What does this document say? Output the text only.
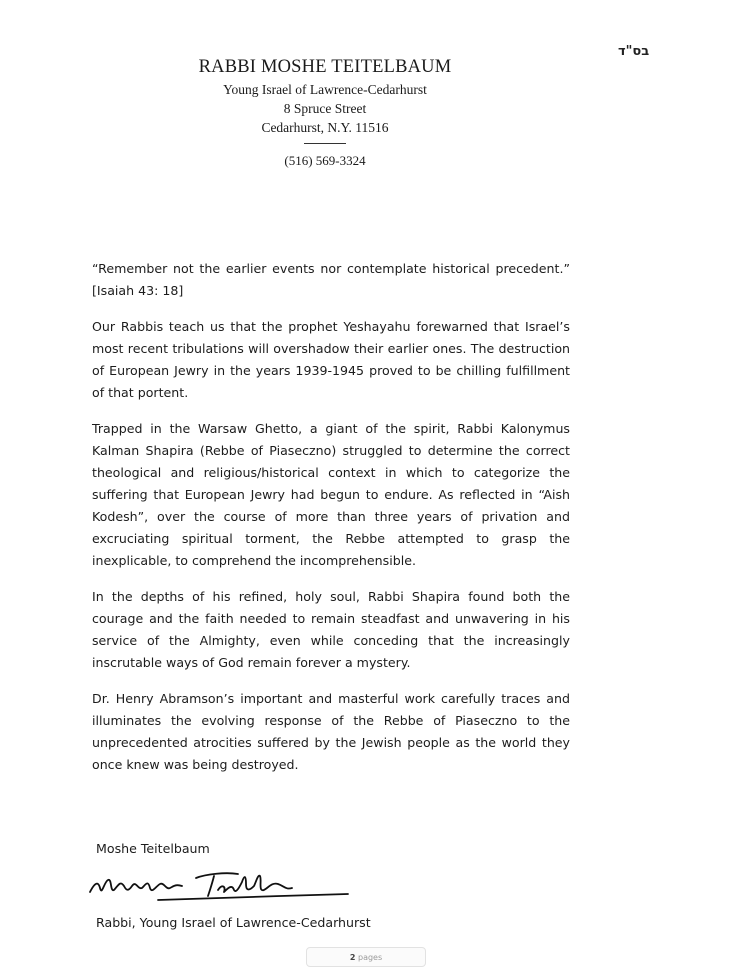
בס"ד

RABBI MOSHE TEITELBAUM

Young Israel of Lawrence-Cedarhurst

8 Spruce Street

Cedarhurst, N.Y. 11516

(516) 569-3324

“Remember not the earlier events nor contemplate historical precedent.” [Isaiah 43: 18]

Our Rabbis teach us that the prophet Yeshayahu forewarned that Israel’s most recent tribulations will overshadow their earlier ones. The destruction of European Jewry in the years 1939-1945 proved to be chilling fulfillment of that portent.

Trapped in the Warsaw Ghetto, a giant of the spirit, Rabbi Kalonymus Kalman Shapira (Rebbe of Piaseczno) struggled to determine the correct theological and religious/historical context in which to categorize the suffering that European Jewry had begun to endure. As reflected in “Aish Kodesh”, over the course of more than three years of privation and excruciating spiritual torment, the Rebbe attempted to grasp the inexplicable, to comprehend the incomprehensible.

In the depths of his refined, holy soul, Rabbi Shapira found both the courage and the faith needed to remain steadfast and unwavering in his service of the Almighty, even while conceding that the increasingly inscrutable ways of God remain forever a mystery.

Dr. Henry Abramson’s important and masterful work carefully traces and illuminates the evolving response of the Rebbe of Piaseczno to the unprecedented atrocities suffered by the Jewish people as the world they once knew was being destroyed.

Moshe Teitelbaum
Rabbi, Young Israel of Lawrence-Cedarhurst
2 pages
